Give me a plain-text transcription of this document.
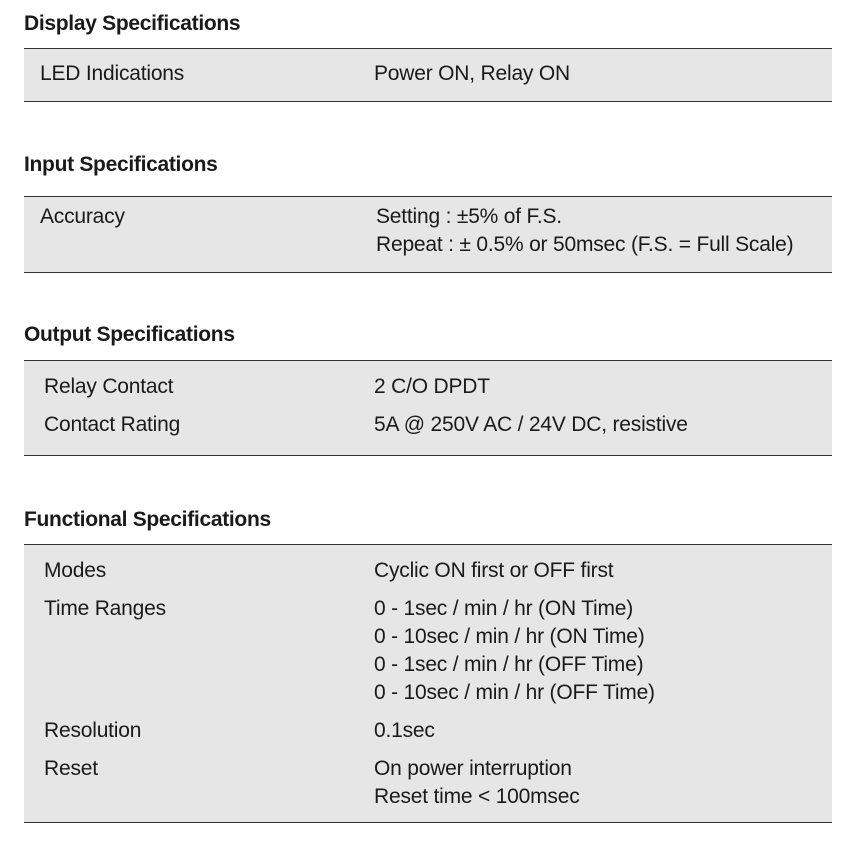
Display Specifications
LED Indications	Power ON, Relay ON
Input Specifications
Accuracy	Setting : ±5% of F.S.
Repeat : ± 0.5% or 50msec (F.S. = Full Scale)
Output Specifications
Relay Contact	2 C/O DPDT
Contact Rating	5A @ 250V AC / 24V DC, resistive
Functional Specifications
Modes	Cyclic ON first or OFF first
Time Ranges	0 - 1sec / min / hr (ON Time)
0 - 10sec / min / hr (ON Time)
0 - 1sec / min / hr (OFF Time)
0 - 10sec / min / hr (OFF Time)
Resolution	0.1sec
Reset	On power interruption
Reset time < 100msec
